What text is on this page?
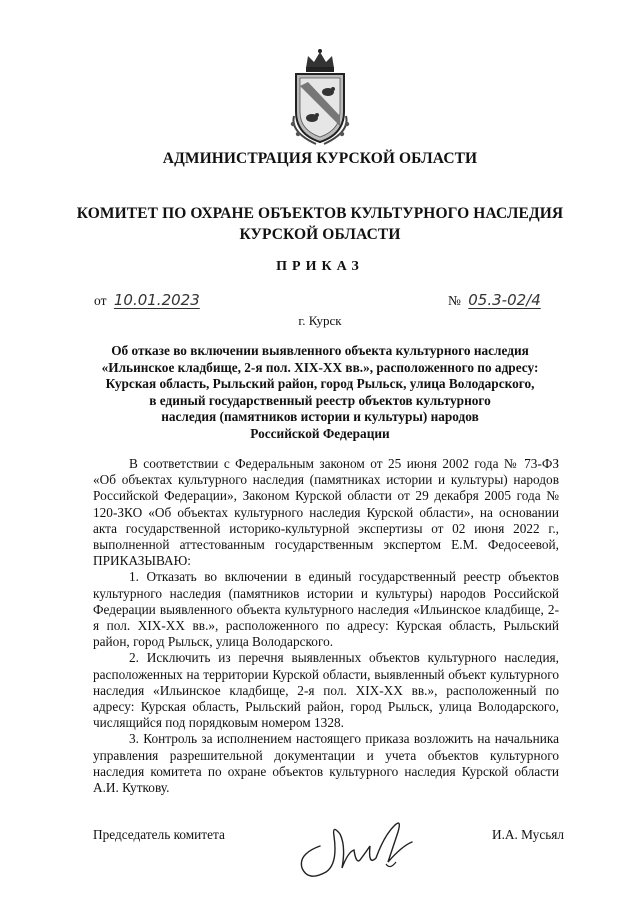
АДМИНИСТРАЦИЯ КУРСКОЙ ОБЛАСТИ
КОМИТЕТ ПО ОХРАНЕ ОБЪЕКТОВ КУЛЬТУРНОГО НАСЛЕДИЯ
КУРСКОЙ ОБЛАСТИ
ПРИКАЗ
от 10.01.2023	№ 05.3-02/4
г. Курск
Об отказе во включении выявленного объекта культурного наследия
«Ильинское кладбище, 2-я пол. XIX-XX вв.», расположенного по адресу:
Курская область, Рыльский район, город Рыльск, улица Володарского,
в единый государственный реестр объектов культурного
наследия (памятников истории и культуры) народов
Российской Федерации

В соответствии с Федеральным законом от 25 июня 2002 года № 73-ФЗ «Об объектах культурного наследия (памятниках истории и культуры) народов Российской Федерации», Законом Курской области от 29 декабря 2005 года № 120-ЗКО «Об объектах культурного наследия Курской области», на основании акта государственной историко-культурной экспертизы от 02 июня 2022 г., выполненной аттестованным государственным экспертом Е.М. Федосеевой, ПРИКАЗЫВАЮ:

1. Отказать во включении в единый государственный реестр объектов культурного наследия (памятников истории и культуры) народов Российской Федерации выявленного объекта культурного наследия «Ильинское кладбище, 2-я пол. XIX-XX вв.», расположенного по адресу: Курская область, Рыльский район, город Рыльск, улица Володарского.

2. Исключить из перечня выявленных объектов культурного наследия, расположенных на территории Курской области, выявленный объект культурного наследия «Ильинское кладбище, 2-я пол. XIX-XX вв.», расположенный по адресу: Курская область, Рыльский район, город Рыльск, улица Володарского, числящийся под порядковым номером 1328.

3. Контроль за исполнением настоящего приказа возложить на начальника управления разрешительной документации и учета объектов культурного наследия комитета по охране объектов культурного наследия Курской области А.И. Куткову.

Председатель комитета	И.А. Мусьял
